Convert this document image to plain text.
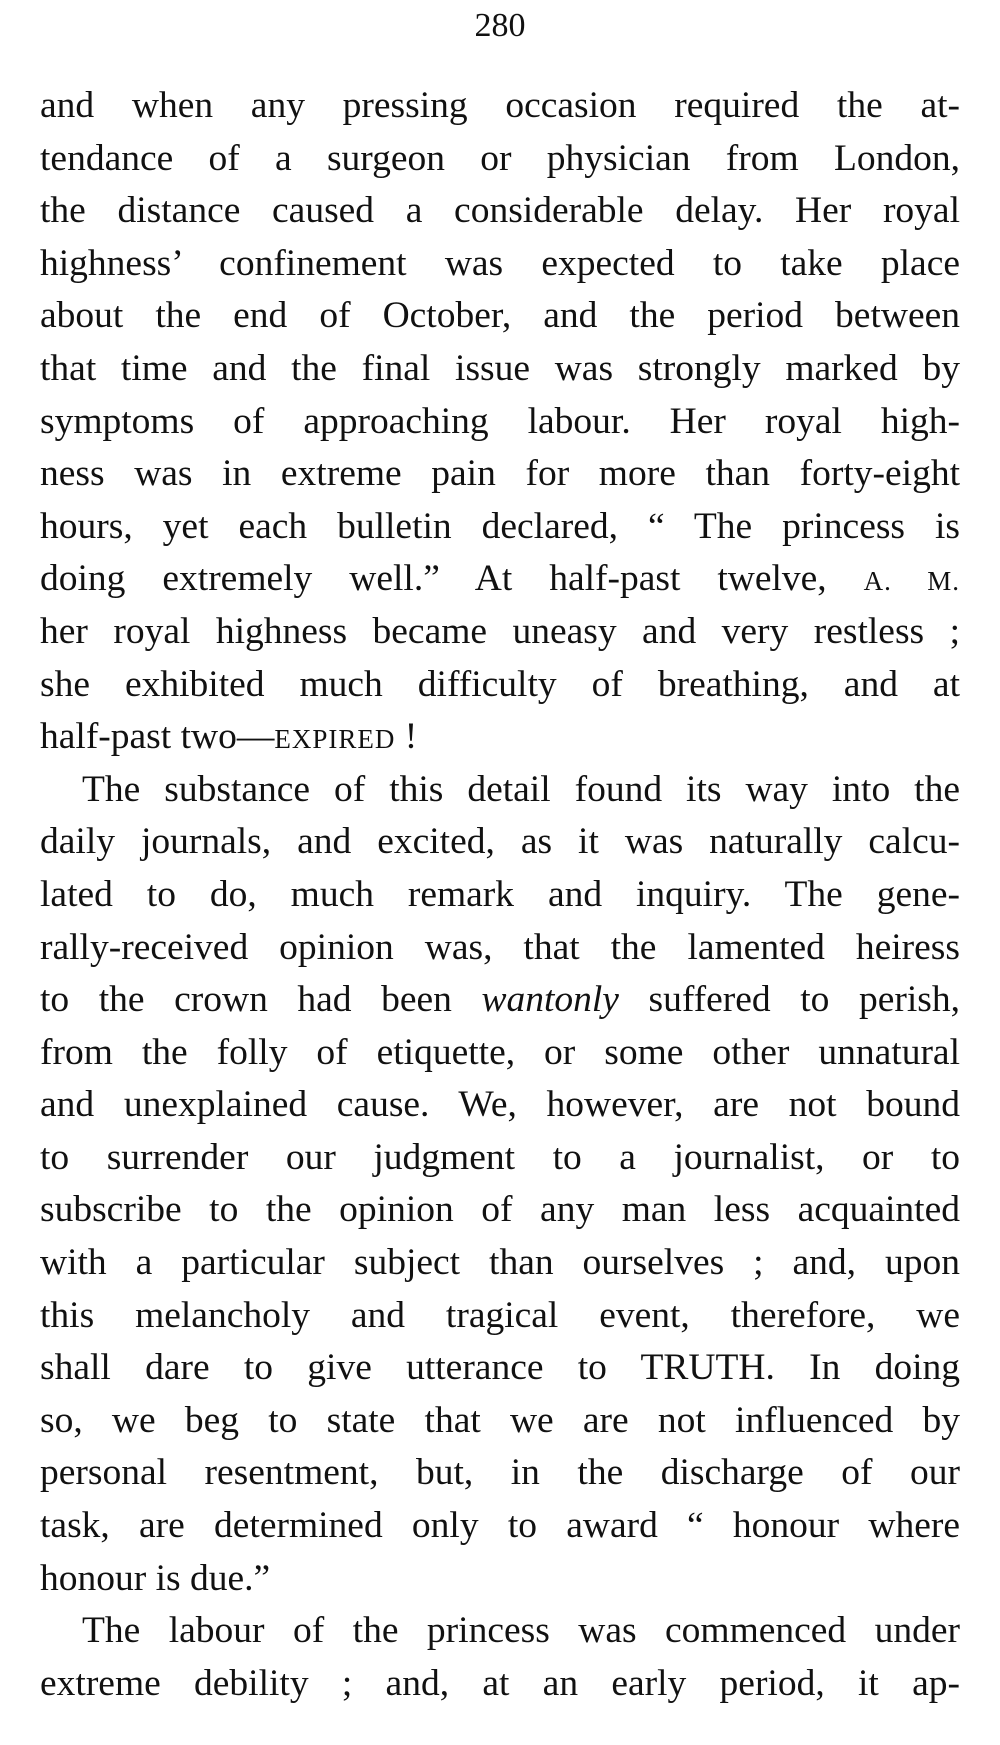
280
and when any pressing occasion required the at-
tendance of a surgeon or physician from London,
the distance caused a considerable delay. Her royal
highness’ confinement was expected to take place
about the end of October, and the period between
that time and the final issue was strongly marked by
symptoms of approaching labour. Her royal high-
ness was in extreme pain for more than forty-eight
hours, yet each bulletin declared, “ The princess is
doing extremely well.” At half-past twelve, A. M.
her royal highness became uneasy and very restless ;
she exhibited much difficulty of breathing, and at
half-past two—EXPIRED !
The substance of this detail found its way into the
daily journals, and excited, as it was naturally calcu-
lated to do, much remark and inquiry. The gene-
rally-received opinion was, that the lamented heiress
to the crown had been wantonly suffered to perish,
from the folly of etiquette, or some other unnatural
and unexplained cause. We, however, are not bound
to surrender our judgment to a journalist, or to
subscribe to the opinion of any man less acquainted
with a particular subject than ourselves ; and, upon
this melancholy and tragical event, therefore, we
shall dare to give utterance to TRUTH. In doing
so, we beg to state that we are not influenced by
personal resentment, but, in the discharge of our
task, are determined only to award “ honour where
honour is due.”
The labour of the princess was commenced under
extreme debility ; and, at an early period, it ap-
